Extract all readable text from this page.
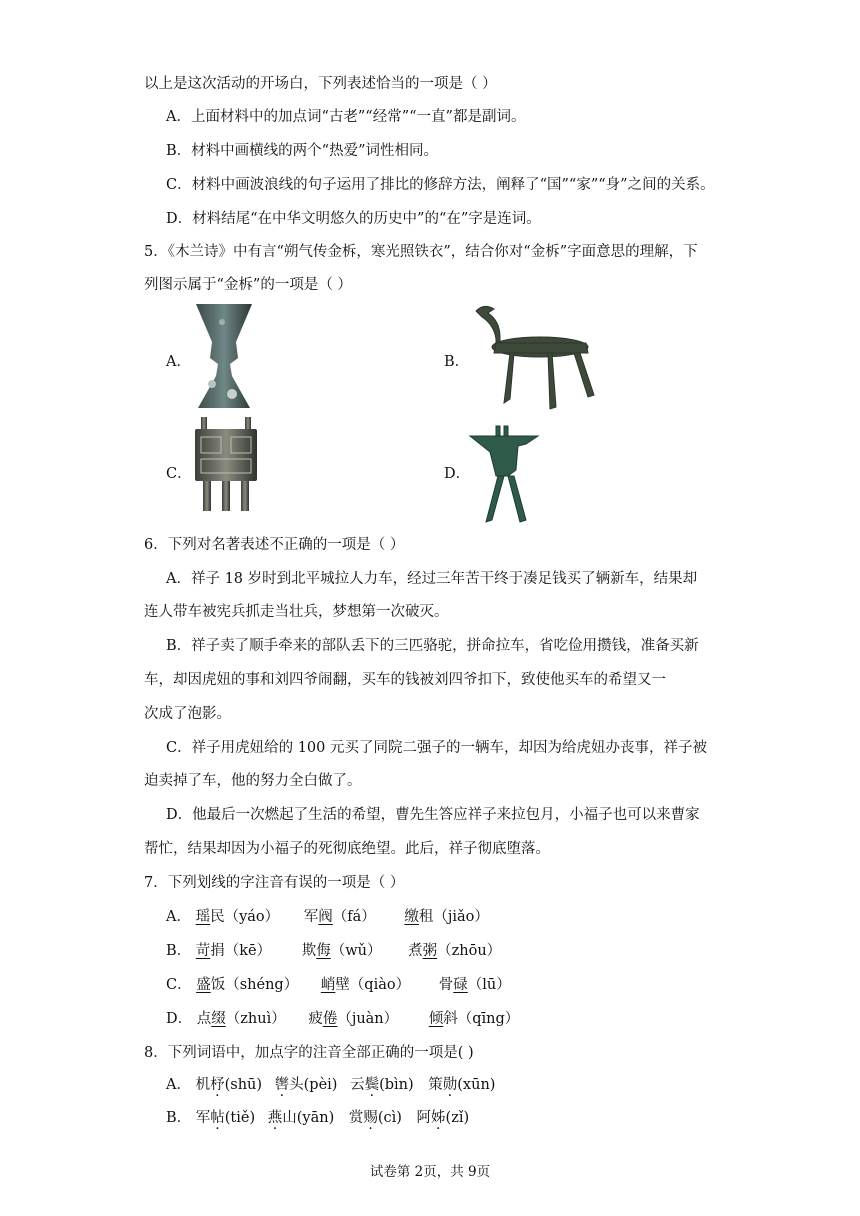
以上是这次活动的开场白，下列表述恰当的一项是（ ）
A．上面材料中的加点词“古老”“经常”“一直”都是副词。
B．材料中画横线的两个“热爱”词性相同。
C．材料中画波浪线的句子运用了排比的修辞方法，阐释了“国”“家”“身”之间的关系。
D．材料结尾“在中华文明悠久的历史中”的“在”字是连词。
5．《木兰诗》中有言“朔气传金柝，寒光照铁衣”，结合你对“金柝”字面意思的理解，下
列图示属于“金柝”的一项是（ ）
A．	B．
C．	D．
6．下列对名著表述不正确的一项是（ ）
A．祥子 18 岁时到北平城拉人力车，经过三年苦干终于凑足钱买了辆新车，结果却
连人带车被宪兵抓走当壮兵，梦想第一次破灭。
B．祥子卖了顺手牵来的部队丢下的三匹骆驼，拼命拉车，省吃俭用攒钱，准备买新
车，却因虎妞的事和刘四爷闹翻，买车的钱被刘四爷扣下，致使他买车的希望又一
次成了泡影。
C．祥子用虎妞给的 100 元买了同院二强子的一辆车，却因为给虎妞办丧事，祥子被
迫卖掉了车，他的努力全白做了。
D．他最后一次燃起了生活的希望，曹先生答应祥子来拉包月，小福子也可以来曹家
帮忙，结果却因为小福子的死彻底绝望。此后，祥子彻底堕落。
7．下列划线的字注音有误的一项是（ ）
A． 瑶民（yáo） 军阀（fá） 缴租（jiǎo）
B． 苛捐（kē） 欺侮（wǔ） 煮粥（zhōu）
C． 盛饭（shéng） 峭壁（qiào） 骨碌（lū）
D． 点缀（zhuì） 疲倦（juàn） 倾斜（qīng）
8．下列词语中，加点字的注音全部正确的一项是( )
A． 机杼(shū) 辔头(pèi) 云鬓(bìn) 策勋(xūn)
B． 军帖(tiě) 燕山(yān) 赏赐(cì) 阿姊(zǐ)
试卷第 2页，共 9页
